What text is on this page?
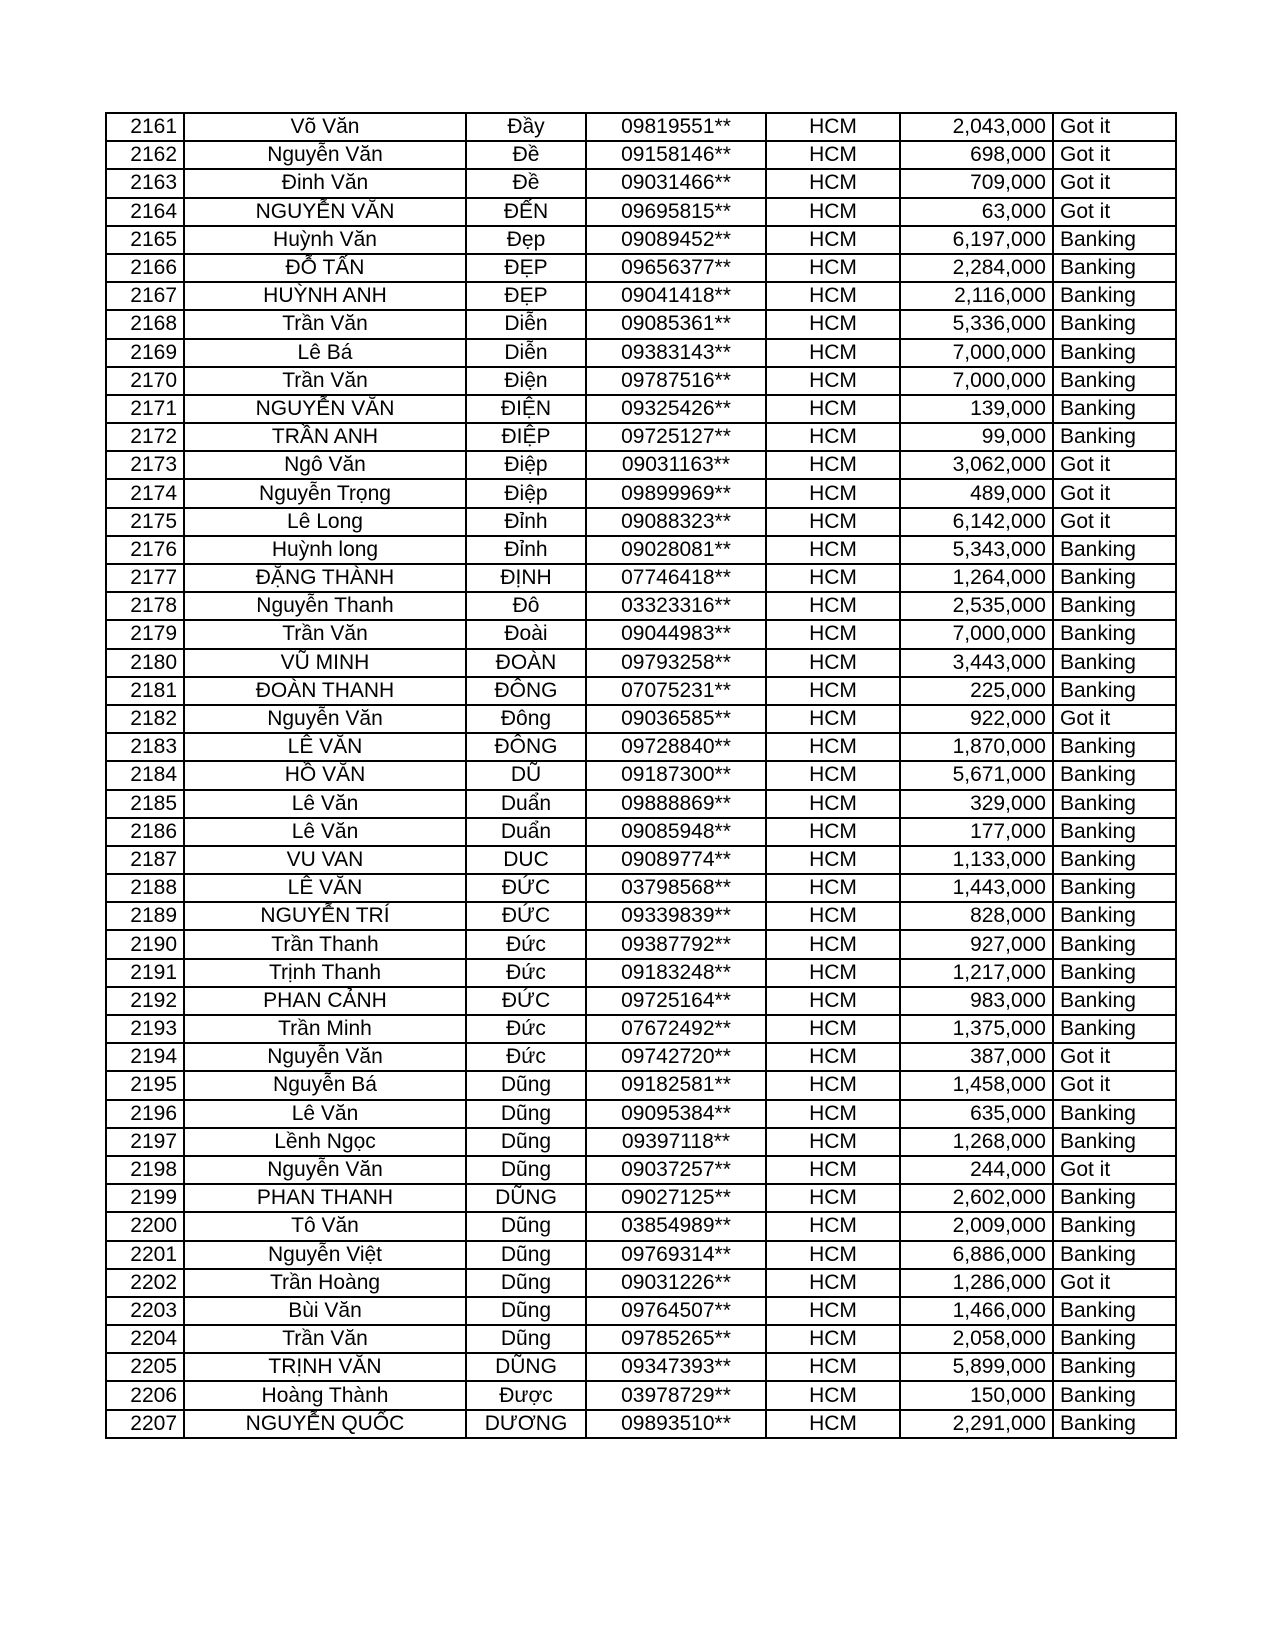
2161	Võ Văn	Đầy	09819551**	HCM	2,043,000	Got it
2162	Nguyễn Văn	Đề	09158146**	HCM	698,000	Got it
2163	Đinh Văn	Đề	09031466**	HCM	709,000	Got it
2164	NGUYỄN VĂN	ĐẾN	09695815**	HCM	63,000	Got it
2165	Huỳnh Văn	Đẹp	09089452**	HCM	6,197,000	Banking
2166	ĐỖ TẤN	ĐẸP	09656377**	HCM	2,284,000	Banking
2167	HUỲNH ANH	ĐẸP	09041418**	HCM	2,116,000	Banking
2168	Trần Văn	Diễn	09085361**	HCM	5,336,000	Banking
2169	Lê Bá	Diễn	09383143**	HCM	7,000,000	Banking
2170	Trần Văn	Điện	09787516**	HCM	7,000,000	Banking
2171	NGUYỄN VĂN	ĐIỆN	09325426**	HCM	139,000	Banking
2172	TRẦN ANH	ĐIỆP	09725127**	HCM	99,000	Banking
2173	Ngô Văn	Điệp	09031163**	HCM	3,062,000	Got it
2174	Nguyễn Trọng	Điệp	09899969**	HCM	489,000	Got it
2175	Lê Long	Đỉnh	09088323**	HCM	6,142,000	Got it
2176	Huỳnh long	Đỉnh	09028081**	HCM	5,343,000	Banking
2177	ĐẶNG THÀNH	ĐỊNH	07746418**	HCM	1,264,000	Banking
2178	Nguyễn Thanh	Đô	03323316**	HCM	2,535,000	Banking
2179	Trần Văn	Đoài	09044983**	HCM	7,000,000	Banking
2180	VŨ MINH	ĐOÀN	09793258**	HCM	3,443,000	Banking
2181	ĐOÀN THANH	ĐÔNG	07075231**	HCM	225,000	Banking
2182	Nguyễn Văn	Đông	09036585**	HCM	922,000	Got it
2183	LÊ VĂN	ĐÔNG	09728840**	HCM	1,870,000	Banking
2184	HỒ VĂN	DŨ	09187300**	HCM	5,671,000	Banking
2185	Lê Văn	Duẩn	09888869**	HCM	329,000	Banking
2186	Lê Văn	Duẩn	09085948**	HCM	177,000	Banking
2187	VU VAN	DUC	09089774**	HCM	1,133,000	Banking
2188	LÊ VĂN	ĐỨC	03798568**	HCM	1,443,000	Banking
2189	NGUYỄN TRÍ	ĐỨC	09339839**	HCM	828,000	Banking
2190	Trần Thanh	Đức	09387792**	HCM	927,000	Banking
2191	Trịnh Thanh	Đức	09183248**	HCM	1,217,000	Banking
2192	PHAN CẢNH	ĐỨC	09725164**	HCM	983,000	Banking
2193	Trần Minh	Đức	07672492**	HCM	1,375,000	Banking
2194	Nguyễn Văn	Đức	09742720**	HCM	387,000	Got it
2195	Nguyễn Bá	Dũng	09182581**	HCM	1,458,000	Got it
2196	Lê Văn	Dũng	09095384**	HCM	635,000	Banking
2197	Lềnh Ngọc	Dũng	09397118**	HCM	1,268,000	Banking
2198	Nguyễn Văn	Dũng	09037257**	HCM	244,000	Got it
2199	PHAN THANH	DŨNG	09027125**	HCM	2,602,000	Banking
2200	Tô Văn	Dũng	03854989**	HCM	2,009,000	Banking
2201	Nguyễn Việt	Dũng	09769314**	HCM	6,886,000	Banking
2202	Trần Hoàng	Dũng	09031226**	HCM	1,286,000	Got it
2203	Bùi Văn	Dũng	09764507**	HCM	1,466,000	Banking
2204	Trần Văn	Dũng	09785265**	HCM	2,058,000	Banking
2205	TRỊNH VĂN	DŨNG	09347393**	HCM	5,899,000	Banking
2206	Hoàng Thành	Được	03978729**	HCM	150,000	Banking
2207	NGUYỄN QUỐC	DƯƠNG	09893510**	HCM	2,291,000	Banking
